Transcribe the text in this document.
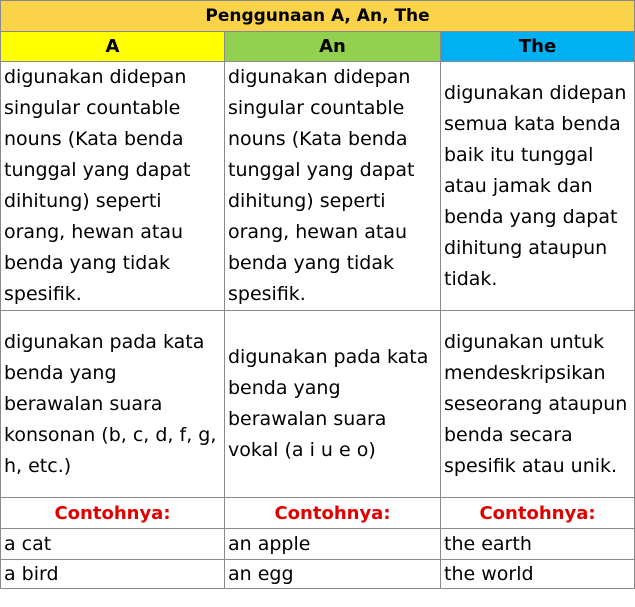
Penggunaan A, An, The		
A	An	The
digunakan didepan singular countable nouns (Kata benda tunggal yang dapat dihitung) seperti orang, hewan atau benda yang tidak spesifik.	digunakan didepan singular countable nouns (Kata benda tunggal yang dapat dihitung) seperti orang, hewan atau benda yang tidak spesifik.	digunakan didepan semua kata benda baik itu tunggal atau jamak dan benda yang dapat dihitung ataupun tidak.
digunakan pada kata benda yang berawalan suara konsonan (b, c, d, f, g, h, etc.)	digunakan pada kata benda yang berawalan suara vokal (a i u e o)	digunakan untuk mendeskripsikan seseorang ataupun benda secara spesifik atau unik.
Contohnya:	Contohnya:	Contohnya:
a cat	an apple	the earth
a bird	an egg	the world
